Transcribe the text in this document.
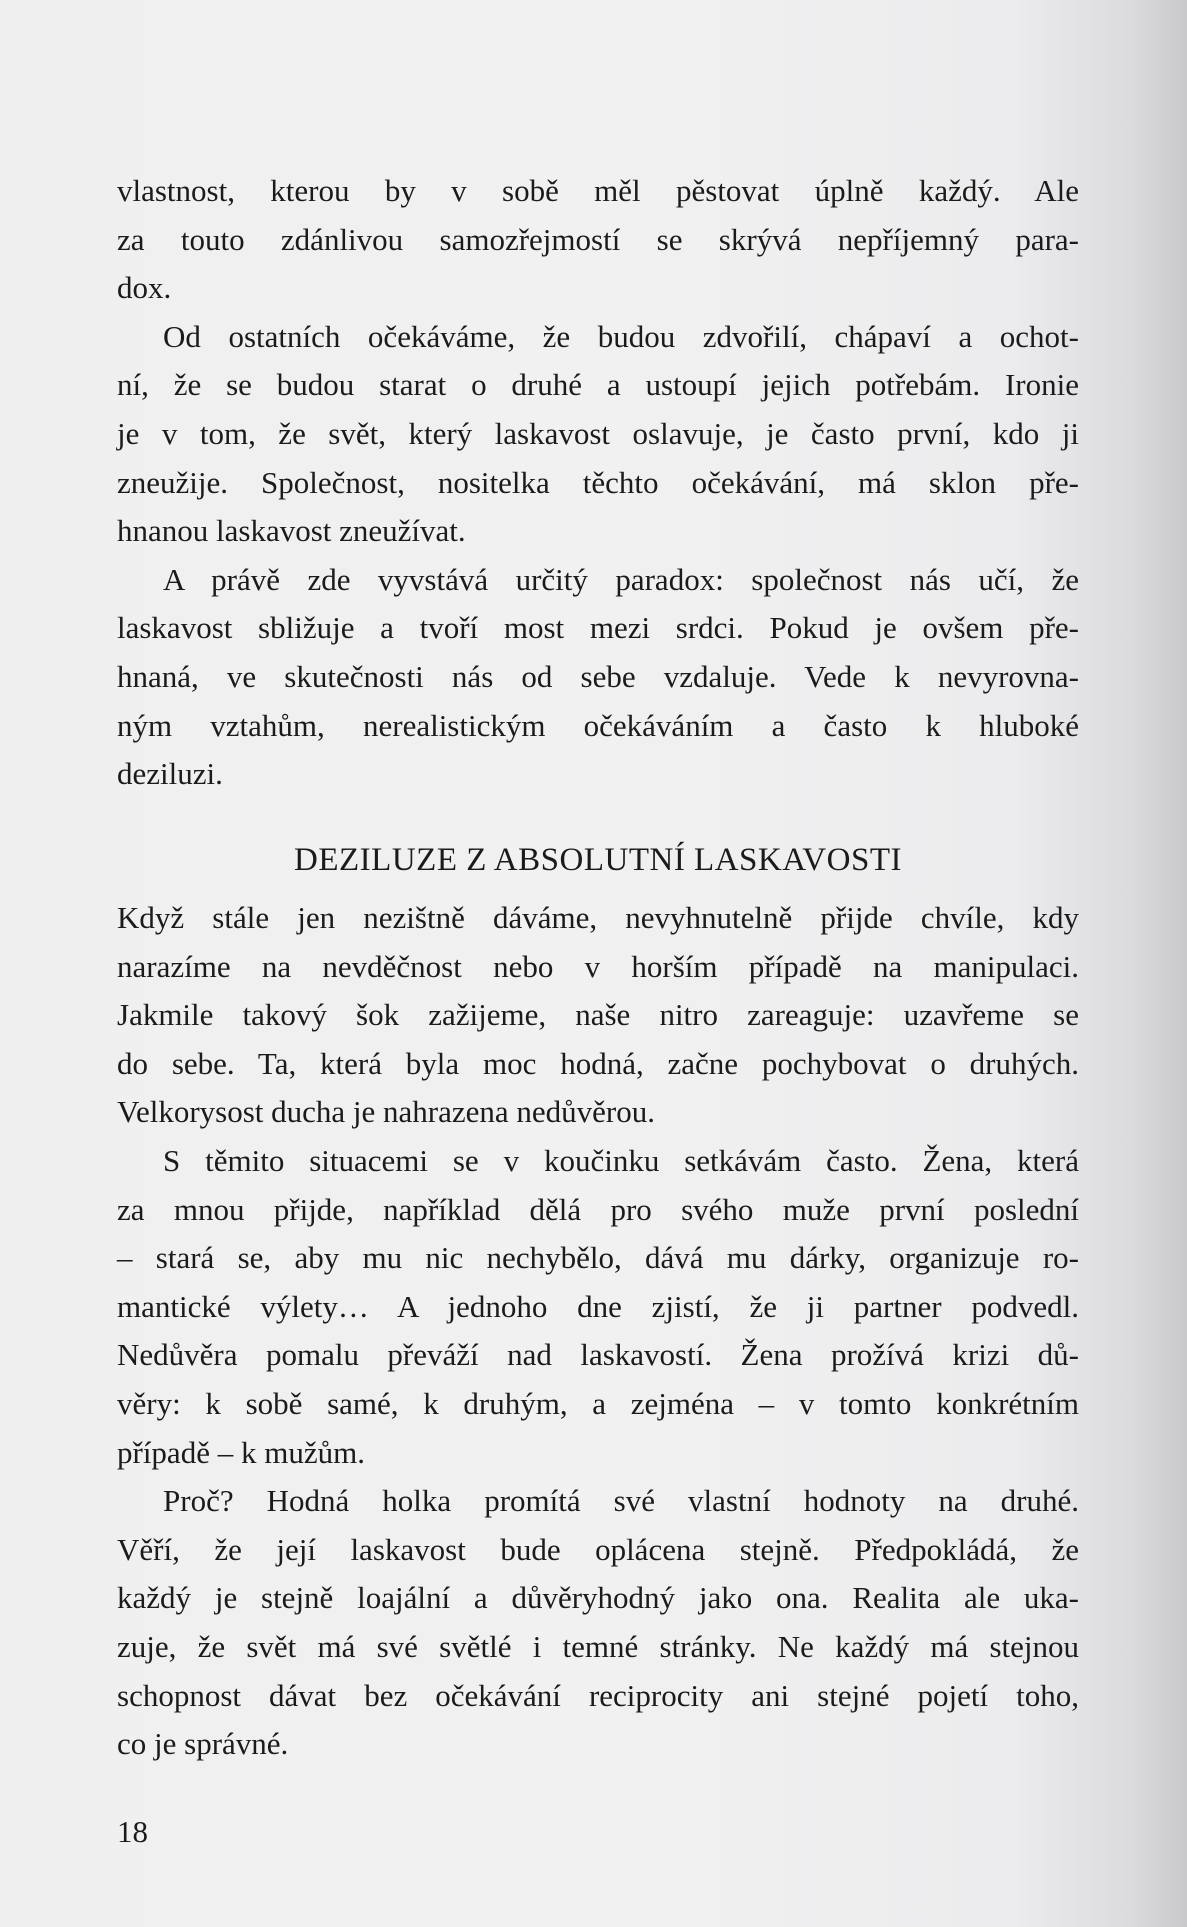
vlastnost, kterou by v sobě měl pěstovat úplně každý. Ale
za touto zdánlivou samozřejmostí se skrývá nepříjemný para-
dox.
Od ostatních očekáváme, že budou zdvořilí, chápaví a ochot-
ní, že se budou starat o druhé a ustoupí jejich potřebám. Ironie
je v tom, že svět, který laskavost oslavuje, je často první, kdo ji
zneužije. Společnost, nositelka těchto očekávání, má sklon pře-
hnanou laskavost zneužívat.
A právě zde vyvstává určitý paradox: společnost nás učí, že
laskavost sbližuje a tvoří most mezi srdci. Pokud je ovšem pře-
hnaná, ve skutečnosti nás od sebe vzdaluje. Vede k nevyrovna-
ným vztahům, nerealistickým očekáváním a často k hluboké
deziluzi.
DEZILUZE Z ABSOLUTNÍ LASKAVOSTI
Když stále jen nezištně dáváme, nevyhnutelně přijde chvíle, kdy
narazíme na nevděčnost nebo v horším případě na manipulaci.
Jakmile takový šok zažijeme, naše nitro zareaguje: uzavřeme se
do sebe. Ta, která byla moc hodná, začne pochybovat o druhých.
Velkorysost ducha je nahrazena nedůvěrou.
S těmito situacemi se v koučinku setkávám často. Žena, která
za mnou přijde, například dělá pro svého muže první poslední
– stará se, aby mu nic nechybělo, dává mu dárky, organizuje ro-
mantické výlety… A jednoho dne zjistí, že ji partner podvedl.
Nedůvěra pomalu převáží nad laskavostí. Žena prožívá krizi dů-
věry: k sobě samé, k druhým, a zejména – v tomto konkrétním
případě – k mužům.
Proč? Hodná holka promítá své vlastní hodnoty na druhé.
Věří, že její laskavost bude oplácena stejně. Předpokládá, že
každý je stejně loajální a důvěryhodný jako ona. Realita ale uka-
zuje, že svět má své světlé i temné stránky. Ne každý má stejnou
schopnost dávat bez očekávání reciprocity ani stejné pojetí toho,
co je správné.
18
